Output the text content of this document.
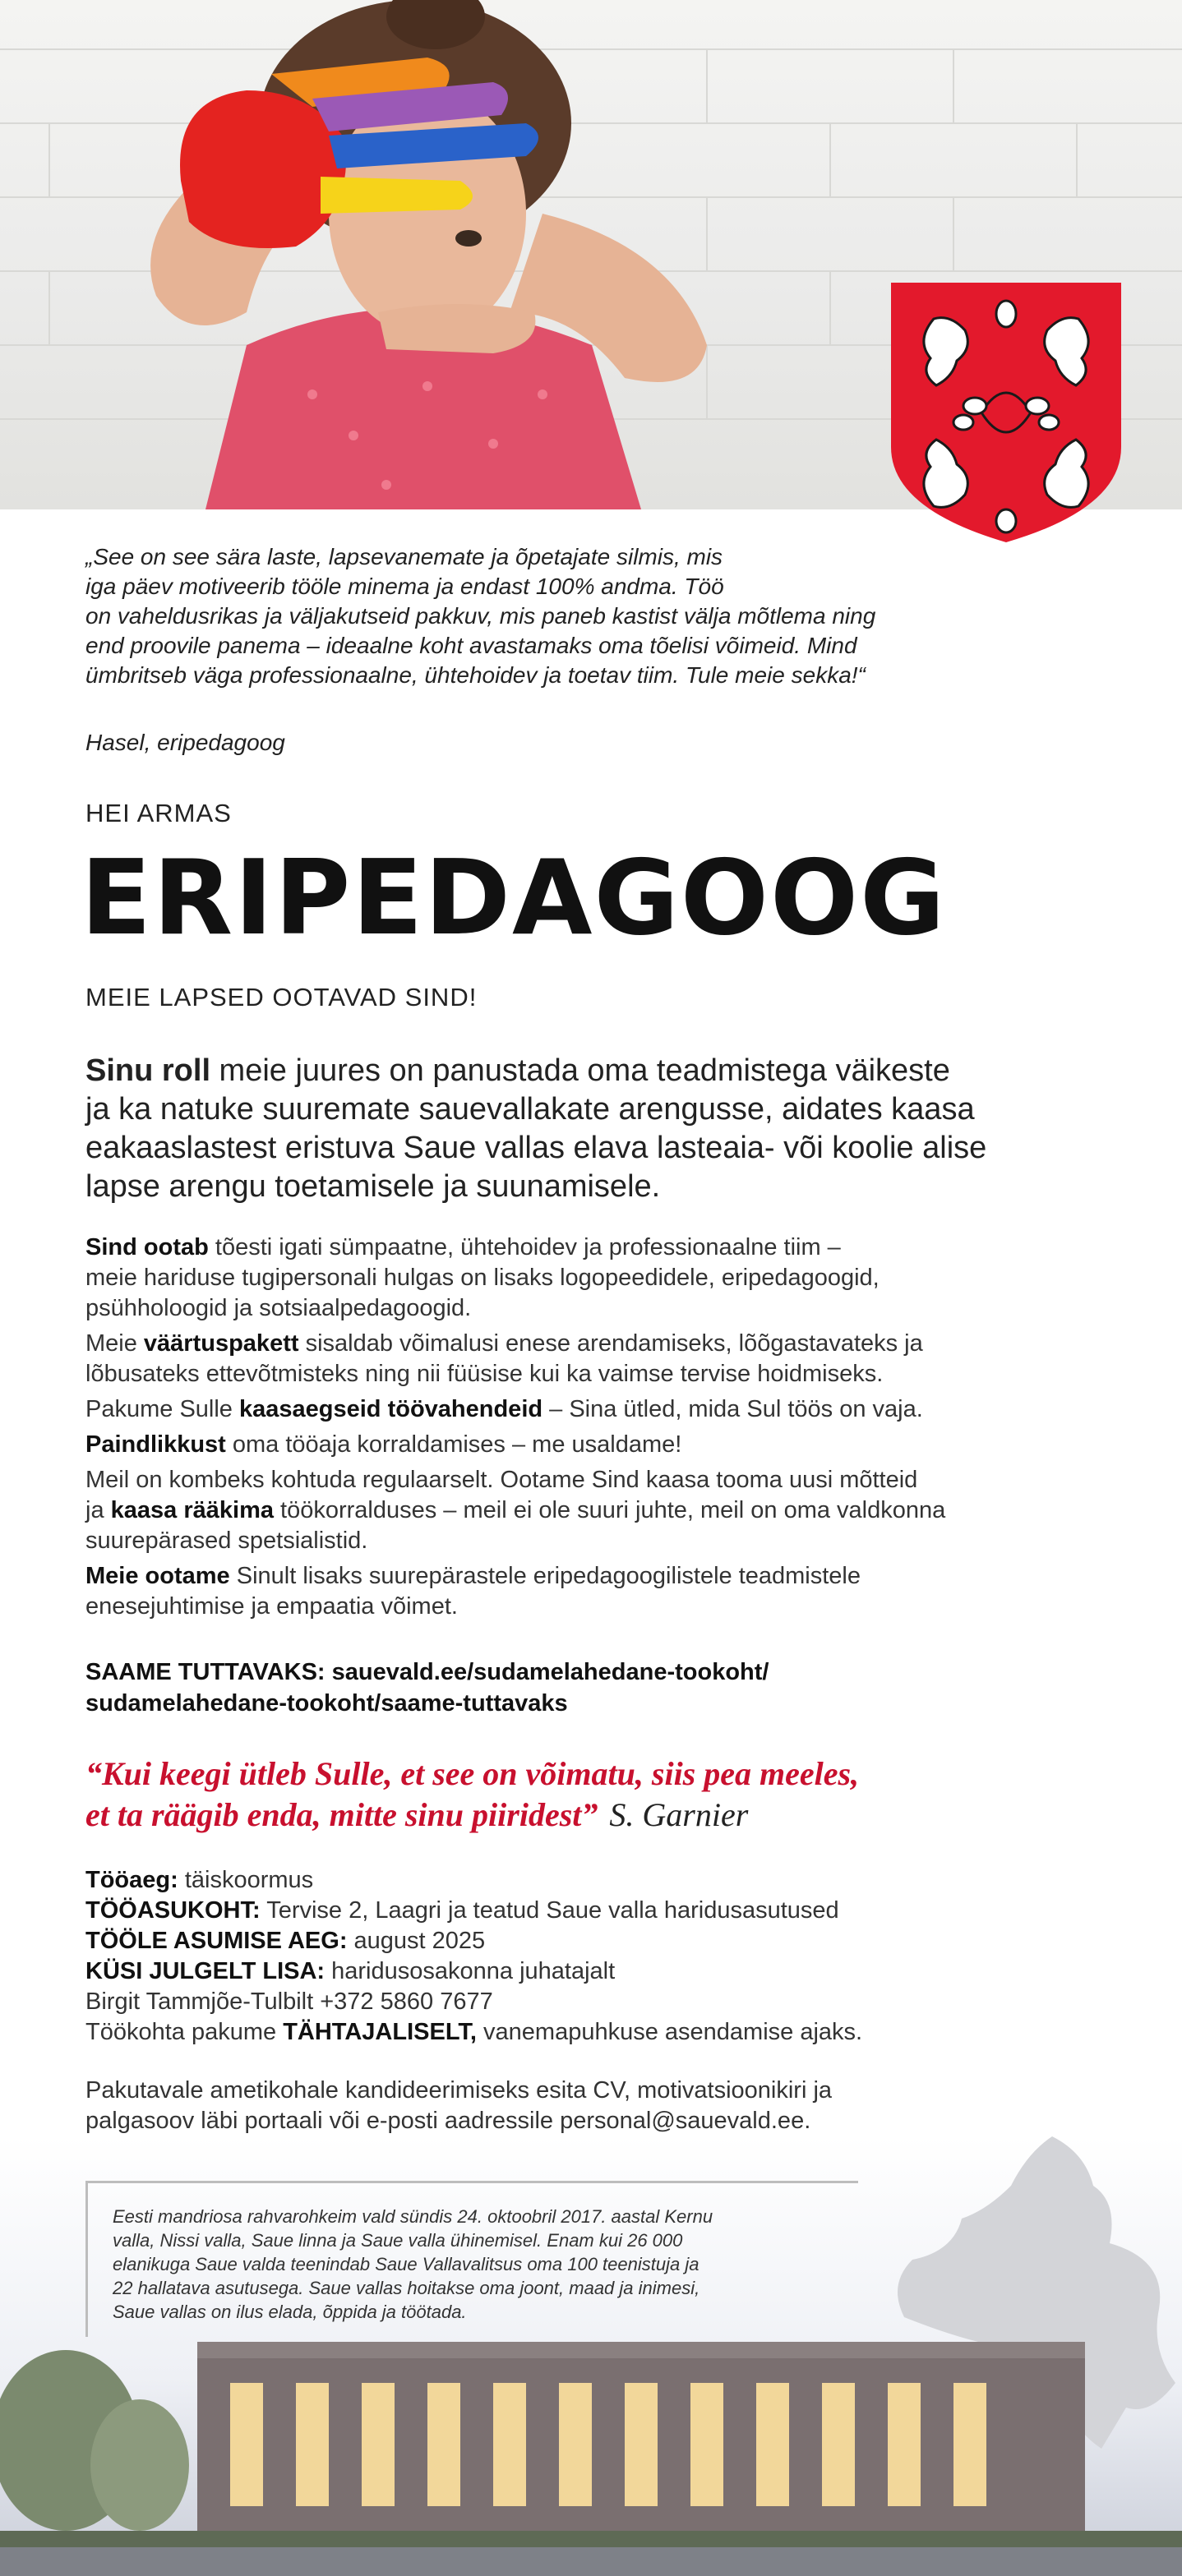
„See on see sära laste, lapsevanemate ja õpetajate silmis, mis
iga päev motiveerib tööle minema ja endast 100% andma. Töö
on vaheldusrikas ja väljakutseid pakkuv, mis paneb kastist välja mõtlema ning
end proovile panema – ideaalne koht avastamaks oma tõelisi võimeid. Mind
ümbritseb väga professionaalne, ühtehoidev ja toetav tiim. Tule meie sekka!“
Hasel, eripedagoog
HEI ARMAS
ERIPEDAGOOG
MEIE LAPSED OOTAVAD SIND!
Sinu roll meie juures on panustada oma teadmistega väikeste
ja ka natuke suuremate sauevallakate arengusse, aidates kaasa
eakaaslastest eristuva Saue vallas elava lasteaia- või koolie alise
lapse arengu toetamisele ja suunamisele.

Sind ootab tõesti igati sümpaatne, ühtehoidev ja professionaalne tiim –
meie hariduse tugipersonali hulgas on lisaks logopeedidele, eripedagoogid,
psühholoogid ja sotsiaalpedagoogid.

Meie väärtuspakett sisaldab võimalusi enese arendamiseks, lõõgastavateks ja
lõbusateks ettevõtmisteks ning nii füüsise kui ka vaimse tervise hoidmiseks.

Pakume Sulle kaasaegseid töövahendeid – Sina ütled, mida Sul töös on vaja.

Paindlikkust oma tööaja korraldamises – me usaldame!

Meil on kombeks kohtuda regulaarselt. Ootame Sind kaasa tooma uusi mõtteid
ja kaasa rääkima töökorralduses – meil ei ole suuri juhte, meil on oma valdkonna
suurepärased spetsialistid.

Meie ootame Sinult lisaks suurepärastele eripedagoogilistele teadmistele
enesejuhtimise ja empaatia võimet.

SAAME TUTTAVAKS: sauevald.ee/sudamelahedane-tookoht/
sudamelahedane-tookoht/saame-tuttavaks
“Kui keegi ütleb Sulle, et see on võimatu, siis pea meeles,
et ta räägib enda, mitte sinu piiridest” S. Garnier
Tööaeg: täiskoormus
TÖÖASUKOHT: Tervise 2, Laagri ja teatud Saue valla haridusasutused
TÖÖLE ASUMISE AEG: august 2025
KÜSI JULGELT LISA: haridusosakonna juhatajalt
Birgit Tammjõe-Tulbilt +372 5860 7677
Töökohta pakume TÄHTAJALISELT, vanemapuhkuse asendamise ajaks.
Pakutavale ametikohale kandideerimiseks esita CV, motivatsioonikiri ja
palgasoov läbi portaali või e-posti aadressile personal@sauevald.ee.
Eesti mandriosa rahvarohkeim vald sündis 24. oktoobril 2017. aastal Kernu
valla, Nissi valla, Saue linna ja Saue valla ühinemisel. Enam kui 26 000
elanikuga Saue valda teenindab Saue Vallavalitsus oma 100 teenistuja ja
22 hallatava asutusega. Saue vallas hoitakse oma joont, maad ja inimesi,
Saue vallas on ilus elada, õppida ja töötada.
